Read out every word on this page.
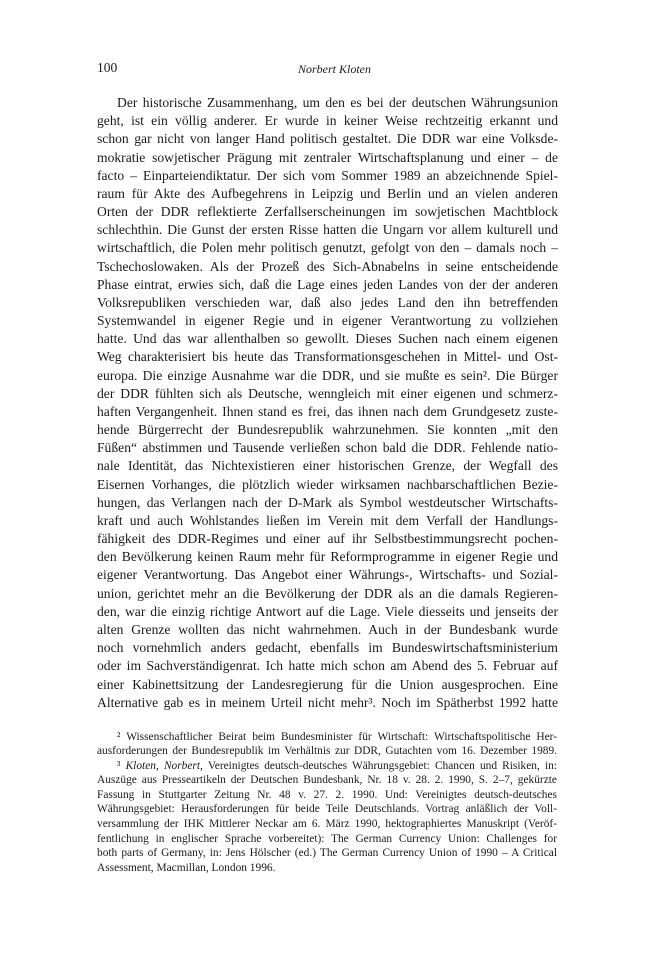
100	Norbert Kloten
Der historische Zusammenhang, um den es bei der deutschen Währungsunion
geht, ist ein völlig anderer. Er wurde in keiner Weise rechtzeitig erkannt und
schon gar nicht von langer Hand politisch gestaltet. Die DDR war eine Volksde-
mokratie sowjetischer Prägung mit zentraler Wirtschaftsplanung und einer – de
facto – Einparteiendiktatur. Der sich vom Sommer 1989 an abzeichnende Spiel-
raum für Akte des Aufbegehrens in Leipzig und Berlin und an vielen anderen
Orten der DDR reflektierte Zerfallserscheinungen im sowjetischen Machtblock
schlechthin. Die Gunst der ersten Risse hatten die Ungarn vor allem kulturell und
wirtschaftlich, die Polen mehr politisch genutzt, gefolgt von den – damals noch –
Tschechoslowaken. Als der Prozeß des Sich-Abnabelns in seine entscheidende
Phase eintrat, erwies sich, daß die Lage eines jeden Landes von der der anderen
Volksrepubliken verschieden war, daß also jedes Land den ihn betreffenden
Systemwandel in eigener Regie und in eigener Verantwortung zu vollziehen
hatte. Und das war allenthalben so gewollt. Dieses Suchen nach einem eigenen
Weg charakterisiert bis heute das Transformationsgeschehen in Mittel- und Ost-
europa. Die einzige Ausnahme war die DDR, und sie mußte es sein². Die Bürger
der DDR fühlten sich als Deutsche, wenngleich mit einer eigenen und schmerz-
haften Vergangenheit. Ihnen stand es frei, das ihnen nach dem Grundgesetz zuste-
hende Bürgerrecht der Bundesrepublik wahrzunehmen. Sie konnten „mit den
Füßen“ abstimmen und Tausende verließen schon bald die DDR. Fehlende natio-
nale Identität, das Nichtexistieren einer historischen Grenze, der Wegfall des
Eisernen Vorhanges, die plötzlich wieder wirksamen nachbarschaftlichen Bezie-
hungen, das Verlangen nach der D-Mark als Symbol westdeutscher Wirtschafts-
kraft und auch Wohlstandes ließen im Verein mit dem Verfall der Handlungs-
fähigkeit des DDR-Regimes und einer auf ihr Selbstbestimmungsrecht pochen-
den Bevölkerung keinen Raum mehr für Reformprogramme in eigener Regie und
eigener Verantwortung. Das Angebot einer Währungs-, Wirtschafts- und Sozial-
union, gerichtet mehr an die Bevölkerung der DDR als an die damals Regieren-
den, war die einzig richtige Antwort auf die Lage. Viele diesseits und jenseits der
alten Grenze wollten das nicht wahrnehmen. Auch in der Bundesbank wurde
noch vornehmlich anders gedacht, ebenfalls im Bundeswirtschaftsministerium
oder im Sachverständigenrat. Ich hatte mich schon am Abend des 5. Februar auf
einer Kabinettsitzung der Landesregierung für die Union ausgesprochen. Eine
Alternative gab es in meinem Urteil nicht mehr³. Noch im Spätherbst 1992 hatte
² Wissenschaftlicher Beirat beim Bundesminister für Wirtschaft: Wirtschaftspolitische Her-
ausforderungen der Bundesrepublik im Verhältnis zur DDR, Gutachten vom 16. Dezember 1989.
³ Kloten, Norbert, Vereinigtes deutsch-deutsches Währungsgebiet: Chancen und Risiken, in:
Auszüge aus Presseartikeln der Deutschen Bundesbank, Nr. 18 v. 28. 2. 1990, S. 2–7, gekürzte
Fassung in Stuttgarter Zeitung Nr. 48 v. 27. 2. 1990. Und: Vereinigtes deutsch-deutsches
Währungsgebiet: Herausforderungen für beide Teile Deutschlands. Vortrag anläßlich der Voll-
versammlung der IHK Mittlerer Neckar am 6. März 1990, hektographiertes Manuskript (Veröf-
fentlichung in englischer Sprache vorbereitet): The German Currency Union: Challenges for
both parts of Germany, in: Jens Hölscher (ed.) The German Currency Union of 1990 – A Critical
Assessment, Macmillan, London 1996.
